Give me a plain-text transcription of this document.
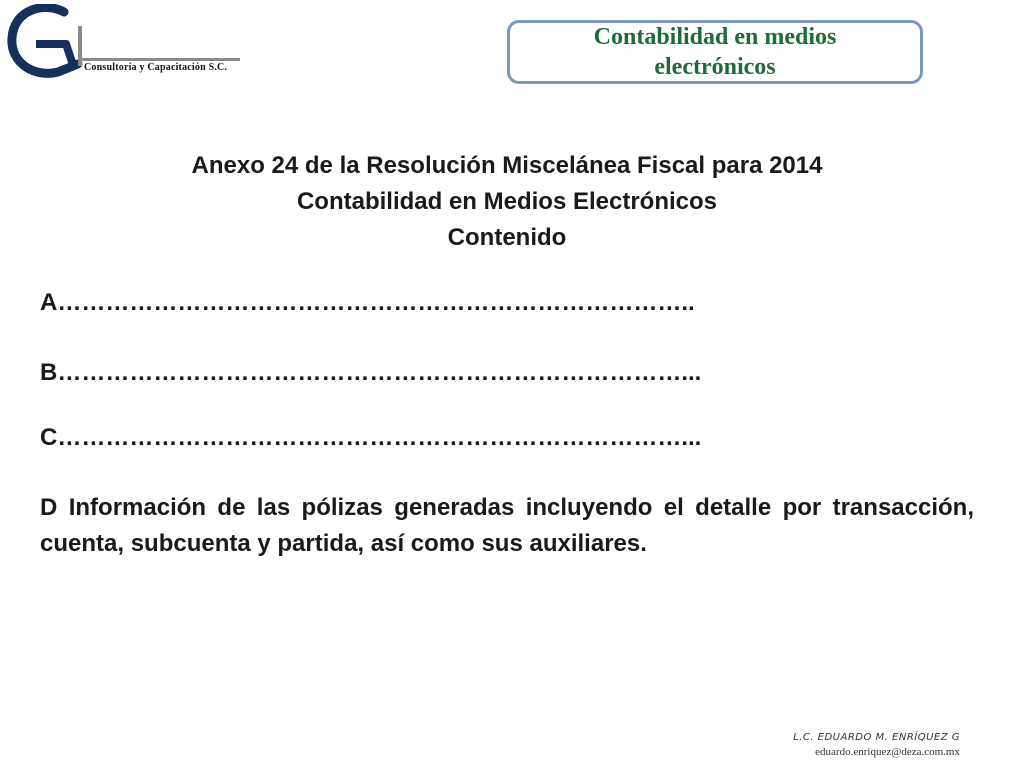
va
Consultoría y Capacitación S.C.
Contabilidad en medios electrónicos
Anexo 24 de la Resolución Miscelánea Fiscal para 2014
Contabilidad en Medios Electrónicos
Contenido
A……………………………………………………………………..
B……………………………………………………………………...
C……………………………………………………………………...
D Información de las pólizas generadas incluyendo el detalle por transacción, cuenta, subcuenta y partida, así como sus auxiliares.
L.C. EDUARDO M. ENRÍQUEZ G
eduardo.enriquez@deza.com.mx
